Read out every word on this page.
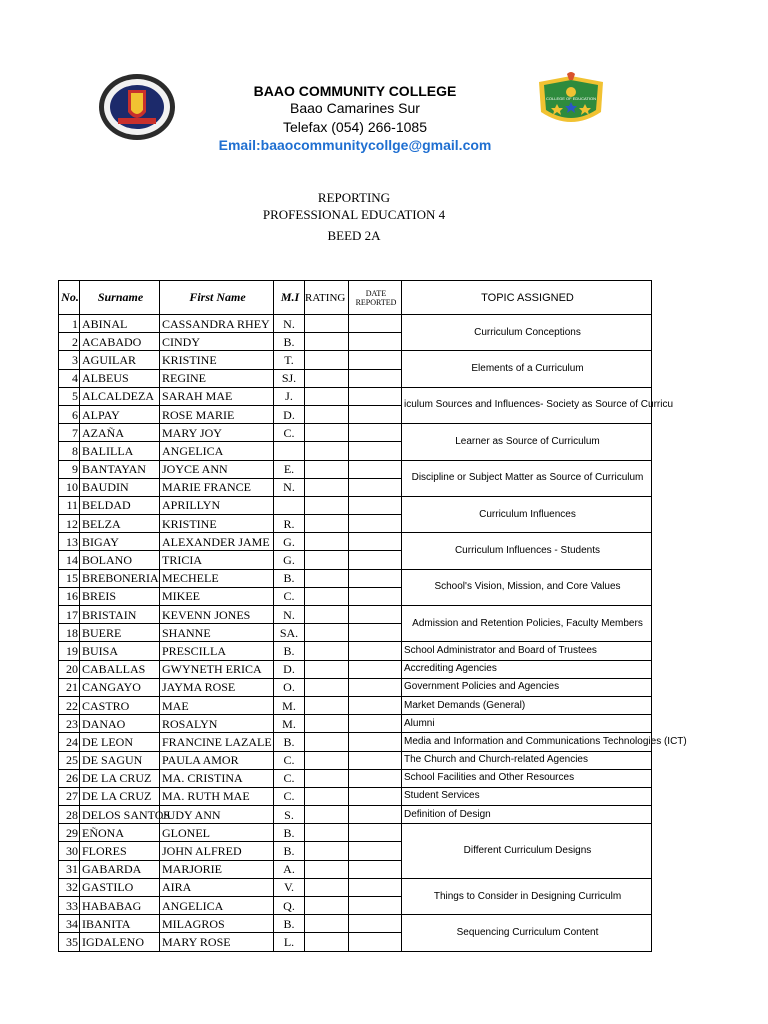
COLLEGE OF EDUCATION
BAAO COMMUNITY COLLEGE
Baao Camarines Sur
Telefax (054) 266-1085
Email:baaocommunitycollge@gmail.com
REPORTING
PROFESSIONAL EDUCATION 4
BEED 2A
No.	Surname	First Name	M.I	RATING	DATE REPORTED	TOPIC ASSIGNED
1	ABINAL	CASSANDRA RHEY	N.			Curriculum Conceptions
2	ACABADO	CINDY	B.			
3	AGUILAR	KRISTINE	T.			Elements of a Curriculum
4	ALBEUS	REGINE	SJ.			
5	ALCALDEZA	SARAH MAE	J.			iculum Sources and Influences- Society as Source of Curricu
6	ALPAY	ROSE MARIE	D.			
7	AZAÑA	MARY JOY	C.			Learner as Source of Curriculum
8	BALILLA	ANGELICA				
9	BANTAYAN	JOYCE ANN	E.			Discipline or Subject Matter as Source of Curriculum
10	BAUDIN	MARIE FRANCE	N.			
11	BELDAD	APRILLYN				Curriculum Influences
12	BELZA	KRISTINE	R.			
13	BIGAY	ALEXANDER JAME	G.			Curriculum Influences - Students
14	BOLANO	TRICIA	G.			
15	BREBONERIA	MECHELE	B.			School's Vision, Mission, and Core Values
16	BREIS	MIKEE	C.			
17	BRISTAIN	KEVENN JONES	N.			Admission and Retention Policies, Faculty Members
18	BUERE	SHANNE	SA.			
19	BUISA	PRESCILLA	B.			School Administrator and Board of Trustees
20	CABALLAS	GWYNETH ERICA	D.			Accrediting Agencies
21	CANGAYO	JAYMA ROSE	O.			Government Policies and Agencies
22	CASTRO	MAE	M.			Market Demands (General)
23	DANAO	ROSALYN	M.			Alumni
24	DE LEON	FRANCINE LAZALE	B.			Media and Information and Communications Technologies (ICT)
25	DE SAGUN	PAULA AMOR	C.			The Church and Church-related Agencies
26	DE LA CRUZ	MA. CRISTINA	C.			School Facilities and Other Resources
27	DE LA CRUZ	MA. RUTH MAE	C.			Student Services
28	DELOS SANTOS	JUDY ANN	S.			Definition of Design
29	EÑONA	GLONEL	B.			Different Curriculum Designs
30	FLORES	JOHN ALFRED	B.			
31	GABARDA	MARJORIE	A.			
32	GASTILO	AIRA	V.			Things to Consider in Designing Curriculm
33	HABABAG	ANGELICA	Q.			
34	IBANITA	MILAGROS	B.			Sequencing Curriculum Content
35	IGDALENO	MARY ROSE	L.			
